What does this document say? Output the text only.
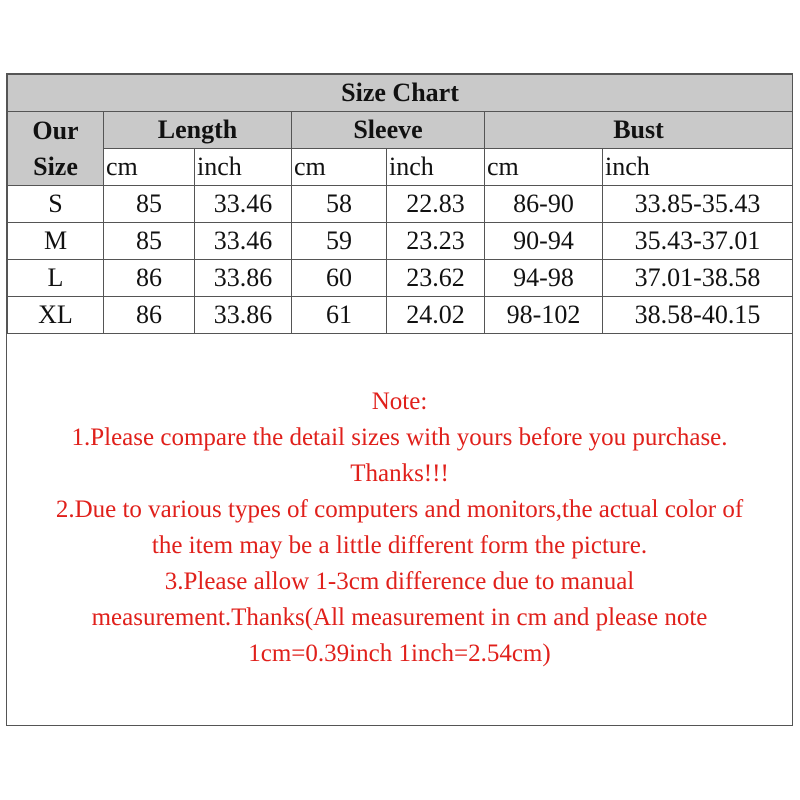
Size Chart						

Our
Size	Length		Sleeve		Bust	
	cm	inch	cm	inch	cm	inch
S	85	33.46	58	22.83	86-90	33.85-35.43
M	85	33.46	59	23.23	90-94	35.43-37.01
L	86	33.86	60	23.62	94-98	37.01-38.58
XL	86	33.86	61	24.02	98-102	38.58-40.15
Note:
1.Please compare the detail sizes with yours before you purchase.
Thanks!!!
2.Due to various types of computers and monitors,the actual color of
the item may be a little different form the picture.
3.Please allow 1-3cm difference due to manual
measurement.Thanks(All measurement in cm and please note
1cm=0.39inch 1inch=2.54cm)
